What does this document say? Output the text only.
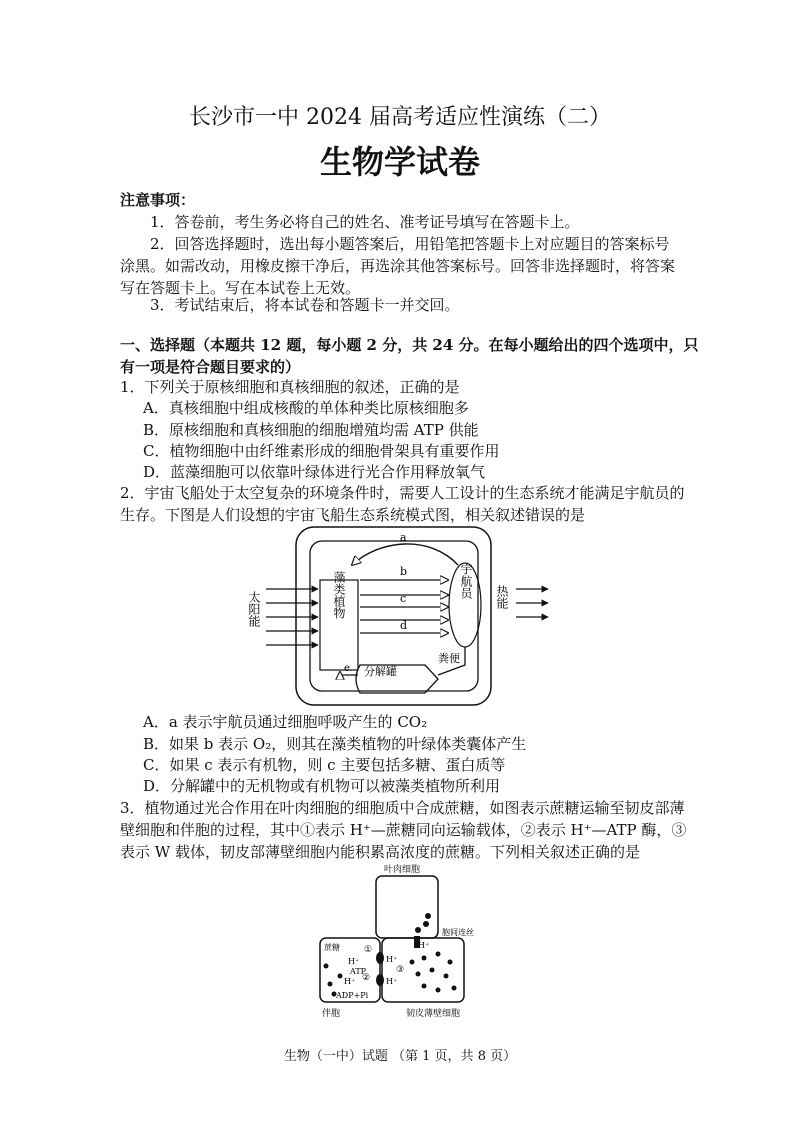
长沙市一中 2024 届高考适应性演练（二）
生物学试卷
注意事项：
1．答卷前，考生务必将自己的姓名、准考证号填写在答题卡上。
2．回答选择题时，选出每小题答案后，用铅笔把答题卡上对应题目的答案标号涂黑。如需改动，用橡皮擦干净后，再选涂其他答案标号。回答非选择题时，将答案写在答题卡上。写在本试卷上无效。
3．考试结束后，将本试卷和答题卡一并交回。
一、选择题（本题共 12 题，每小题 2 分，共 24 分。在每小题给出的四个选项中，只有一项是符合题目要求的）
1．下列关于原核细胞和真核细胞的叙述，正确的是
A．真核细胞中组成核酸的单体种类比原核细胞多
B．原核细胞和真核细胞的细胞增殖均需 ATP 供能
C．植物细胞中由纤维素形成的细胞骨架具有重要作用
D．蓝藻细胞可以依靠叶绿体进行光合作用释放氧气
2．宇宙飞船处于太空复杂的环境条件时，需要人工设计的生态系统才能满足宇航员的生存。下图是人们设想的宇宙飞船生态系统模式图，相关叙述错误的是
藻类植物	宇航员
a
b
c
d
太阳能	热能
分解罐
粪便
e
A．a 表示宇航员通过细胞呼吸产生的 CO₂
B．如果 b 表示 O₂，则其在藻类植物的叶绿体类囊体产生
C．如果 c 表示有机物，则 c 主要包括多糖、蛋白质等
D．分解罐中的无机物或有机物可以被藻类植物所利用
3．植物通过光合作用在叶肉细胞的细胞质中合成蔗糖，如图表示蔗糖运输至韧皮部薄壁细胞和伴胞的过程，其中①表示 H⁺—蔗糖同向运输载体，②表示 H⁺—ATP 酶，③表示 W 载体，韧皮部薄壁细胞内能积累高浓度的蔗糖。下列相关叙述正确的是
叶肉细胞
胞间连丝
蔗糖
H⁺
ATP
H⁺
ADP+Pi
①
②
H⁺
H⁺
H⁺
③
伴胞	韧皮薄壁细胞
生物（一中）试题 （第 1 页，共 8 页）
